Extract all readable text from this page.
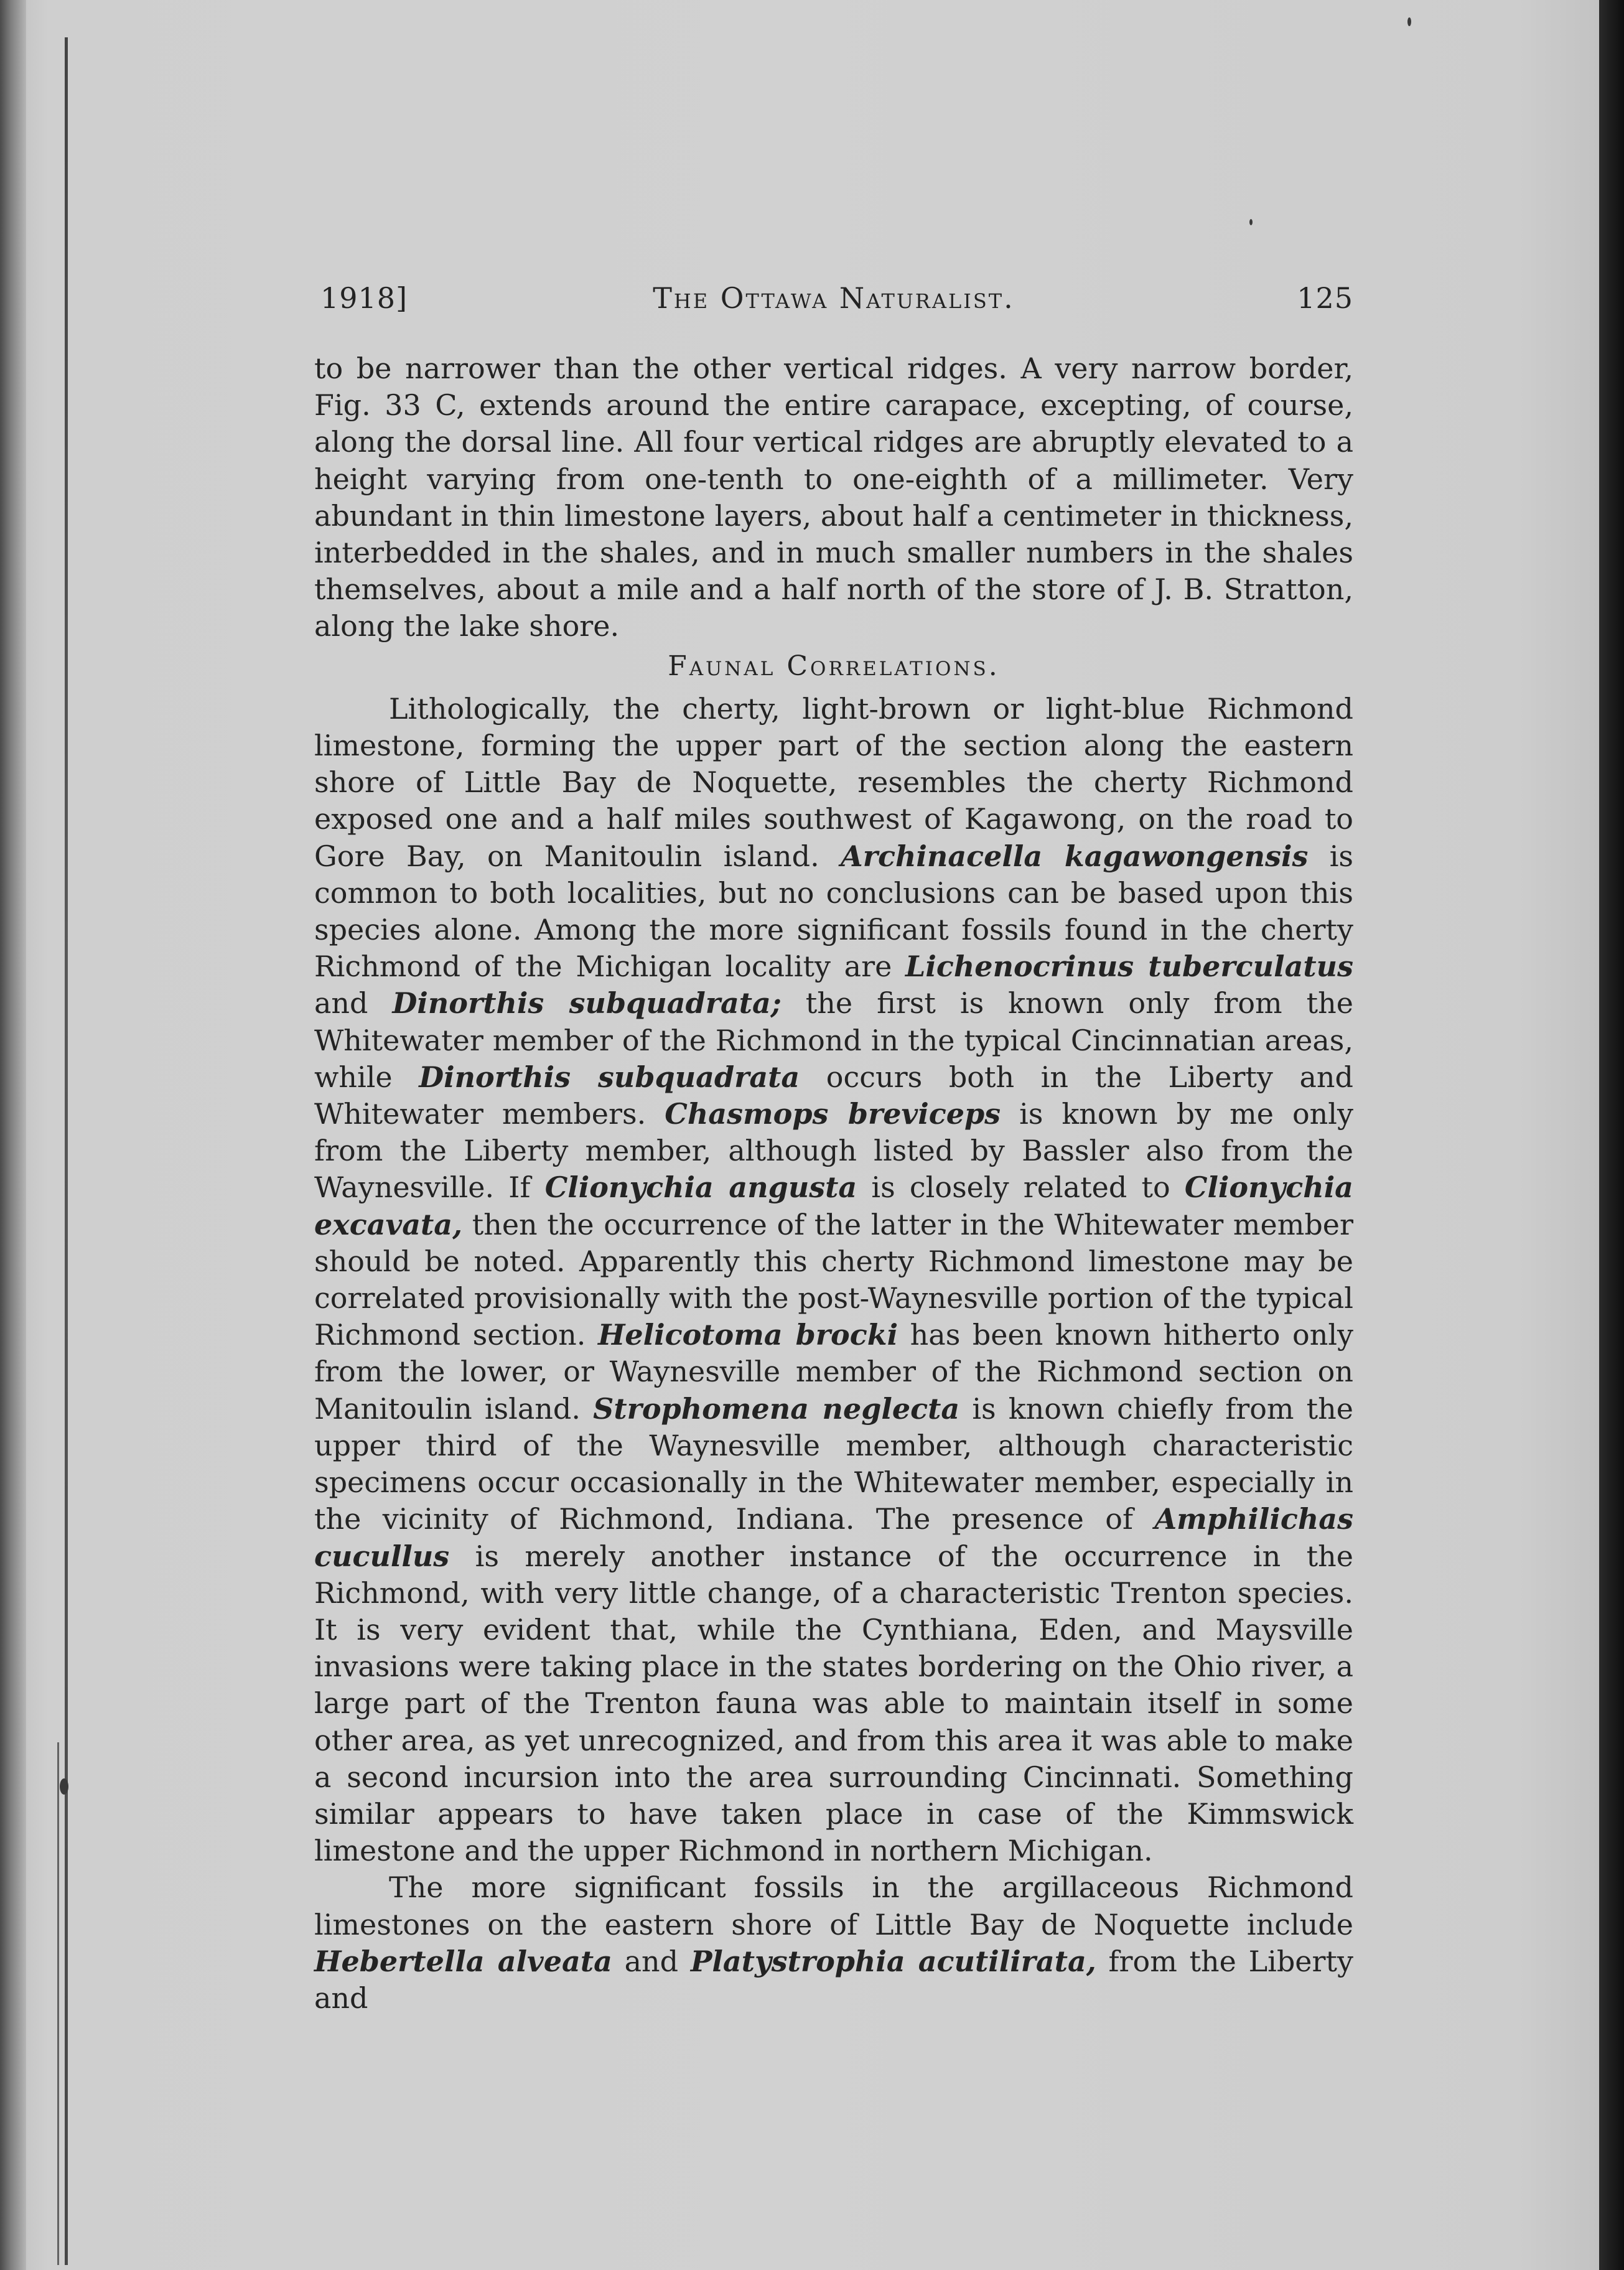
1918]	The Ottawa Naturalist.	125

to be narrower than the other vertical ridges. A very narrow border, Fig. 33 C, extends around the entire carapace, excepting, of course, along the dorsal line. All four vertical ridges are abruptly elevated to a height varying from one-tenth to one-eighth of a millimeter. Very abundant in thin limestone layers, about half a centimeter in thickness, interbedded in the shales, and in much smaller numbers in the shales themselves, about a mile and a half north of the store of J. B. Stratton, along the lake shore.

Faunal Correlations.

Lithologically, the cherty, light-brown or light-blue Richmond limestone, forming the upper part of the section along the eastern shore of Little Bay de Noquette, resembles the cherty Richmond exposed one and a half miles southwest of Kagawong, on the road to Gore Bay, on Manitoulin island. Archinacella kagawongensis is common to both localities, but no conclusions can be based upon this species alone. Among the more significant fossils found in the cherty Richmond of the Michigan locality are Lichenocrinus tuberculatus and Dinorthis subquadrata; the first is known only from the Whitewater member of the Richmond in the typical Cincinnatian areas, while Dinorthis subquadrata occurs both in the Liberty and Whitewater members. Chasmops breviceps is known by me only from the Liberty member, although listed by Bassler also from the Waynesville. If Clionychia angusta is closely related to Clionychia excavata, then the occurrence of the latter in the Whitewater member should be noted. Apparently this cherty Richmond limestone may be correlated provisionally with the post-Waynesville portion of the typical Richmond section. Helicotoma brocki has been known hitherto only from the lower, or Waynesville member of the Richmond section on Manitoulin island. Strophomena neglecta is known chiefly from the upper third of the Waynesville member, although characteristic specimens occur occasionally in the Whitewater member, especially in the vicinity of Richmond, Indiana. The presence of Amphilichas cucullus is merely another instance of the occurrence in the Richmond, with very little change, of a characteristic Trenton species. It is very evident that, while the Cynthiana, Eden, and Maysville invasions were taking place in the states bordering on the Ohio river, a large part of the Trenton fauna was able to maintain itself in some other area, as yet unrecognized, and from this area it was able to make a second incursion into the area surrounding Cincinnati. Something similar appears to have taken place in case of the Kimmswick limestone and the upper Richmond in northern Michigan.

The more significant fossils in the argillaceous Richmond limestones on the eastern shore of Little Bay de Noquette include Hebertella alveata and Platystrophia acutilirata, from the Liberty and
